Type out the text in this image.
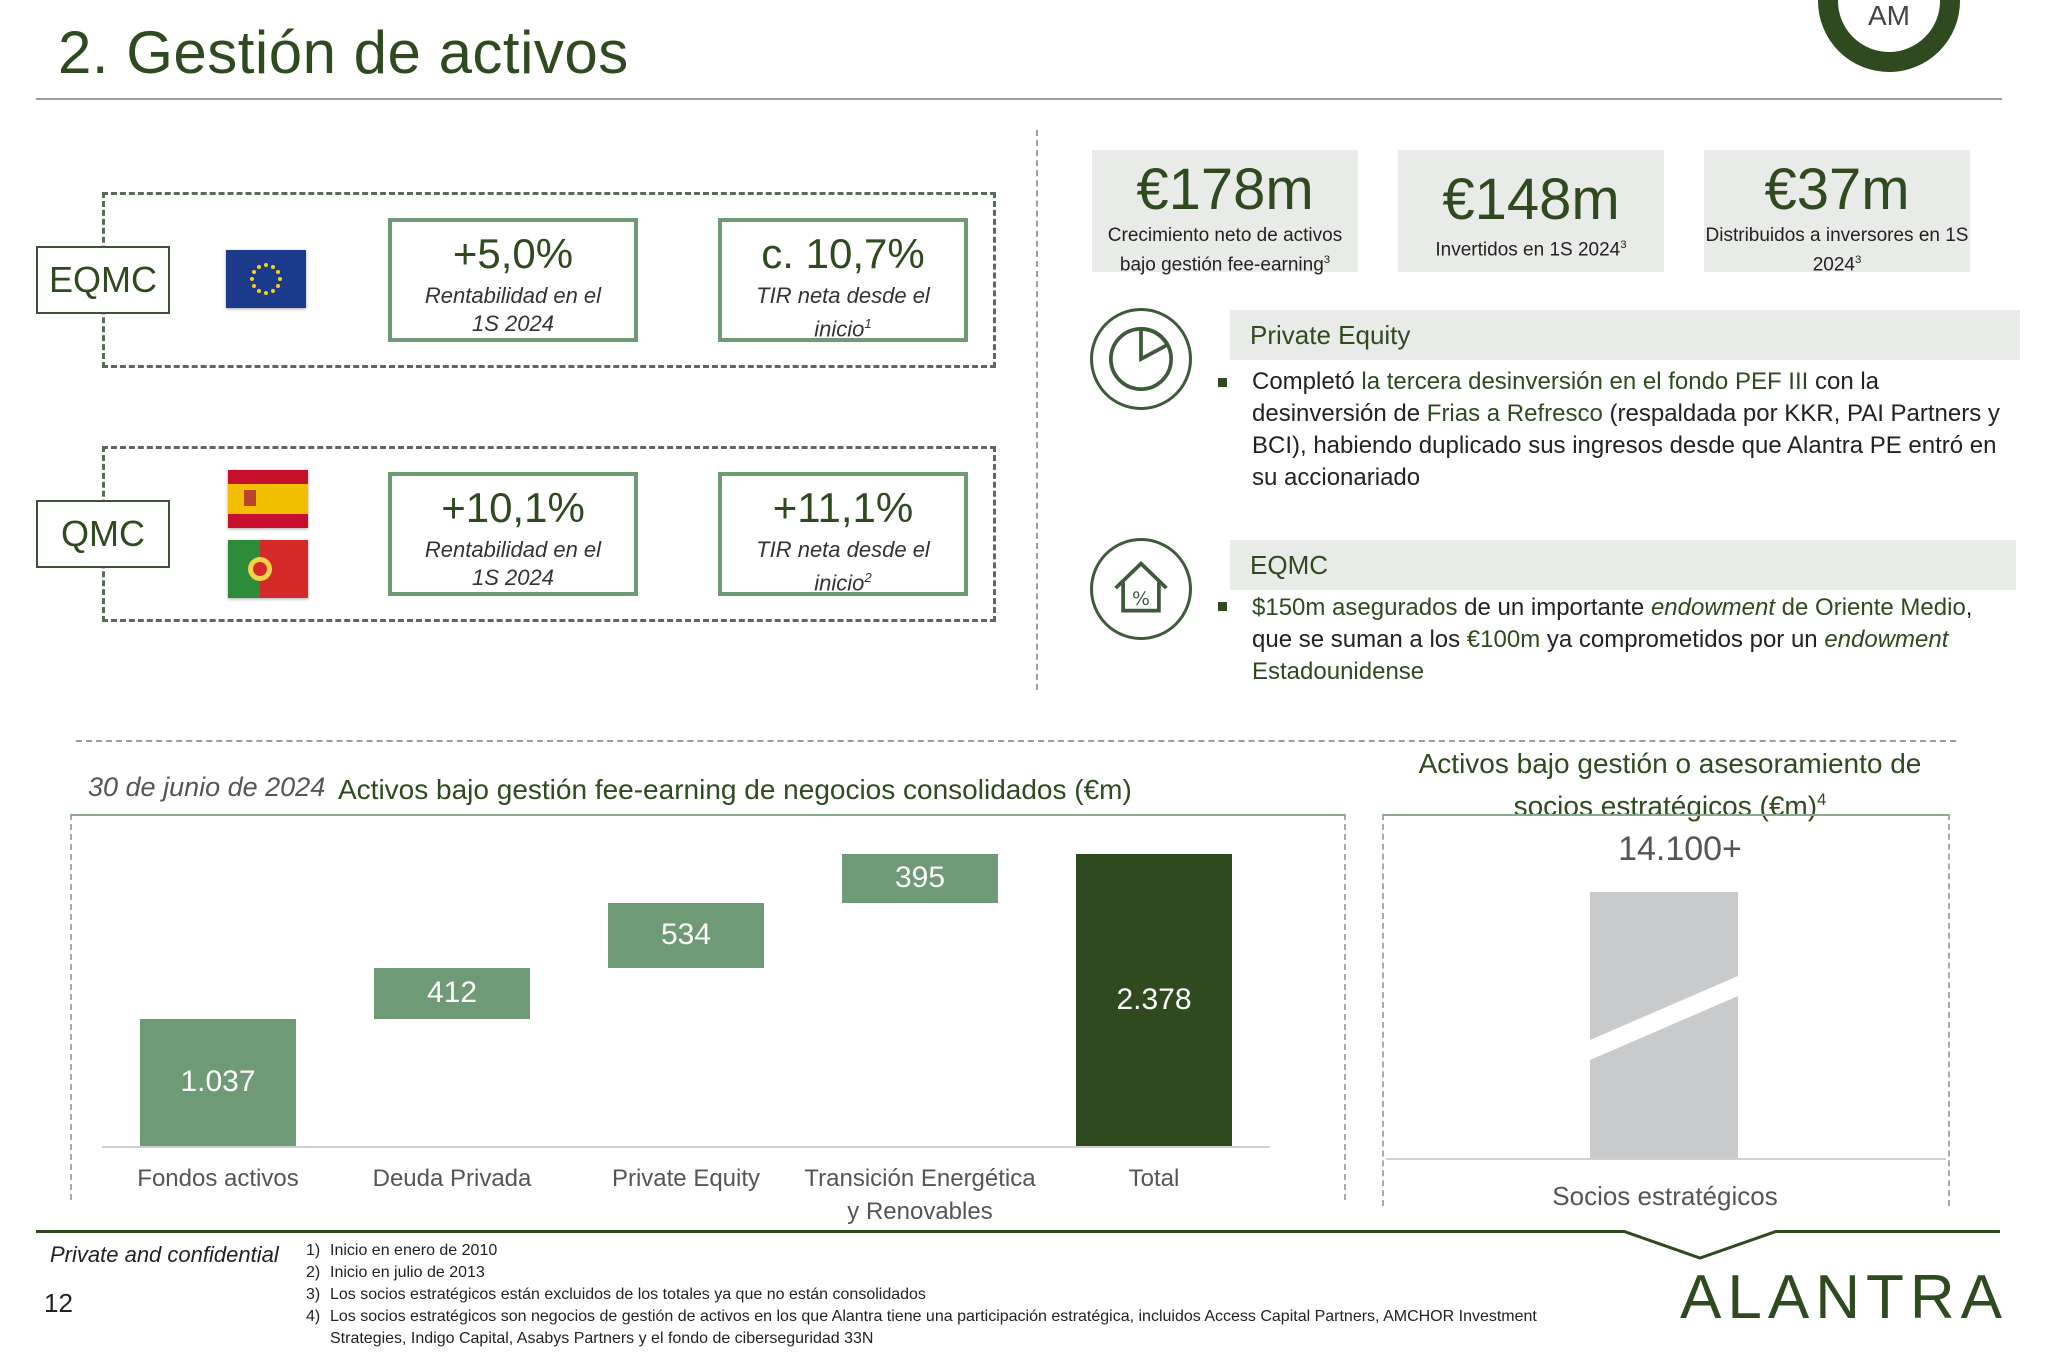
AM
2. Gestión de activos
EQMC
+5,0%
Rentabilidad en el
1S 2024
c. 10,7%
TIR neta desde el
inicio$^1$
QMC
+10,1%
Rentabilidad en el
1S 2024
+11,1%
TIR neta desde el
inicio$^2$
€178m
Crecimiento neto de activos
bajo gestión fee-earning$^3$
€148m
Invertidos en 1S 2024$^3$
€37m
Distribuidos a inversores en 1S
2024$^3$
Private Equity
Completó la tercera desinversión en el fondo PEF III con la desinversión de Frias a Refresco (respaldada por KKR, PAI Partners y BCI), habiendo duplicado sus ingresos desde que Alantra PE entró en su accionariado
EQMC
%	$150m asegurados de un importante endowment de Oriente Medio, que se suman a los €100m ya comprometidos por un endowment Estadounidense
30 de junio de 2024 Activos bajo gestión fee-earning de negocios consolidados (€m)
1.037
Fondos activos
412
Deuda Privada
534
Private Equity
395
Transición Energética
y Renovables
2.378
Total
Activos bajo gestión o asesoramiento de
socios estratégicos (€m)$^4$
14.100+
Socios estratégicos
Private and confidential
12
1) Inicio en enero de 2010
2) Inicio en julio de 2013
3) Los socios estratégicos están excluidos de los totales ya que no están consolidados
4) Los socios estratégicos son negocios de gestión de activos en los que Alantra tiene una participación estratégica, incluidos Access Capital Partners, AMCHOR Investment
Strategies, Indigo Capital, Asabys Partners y el fondo de ciberseguridad 33N
ALANTRA
